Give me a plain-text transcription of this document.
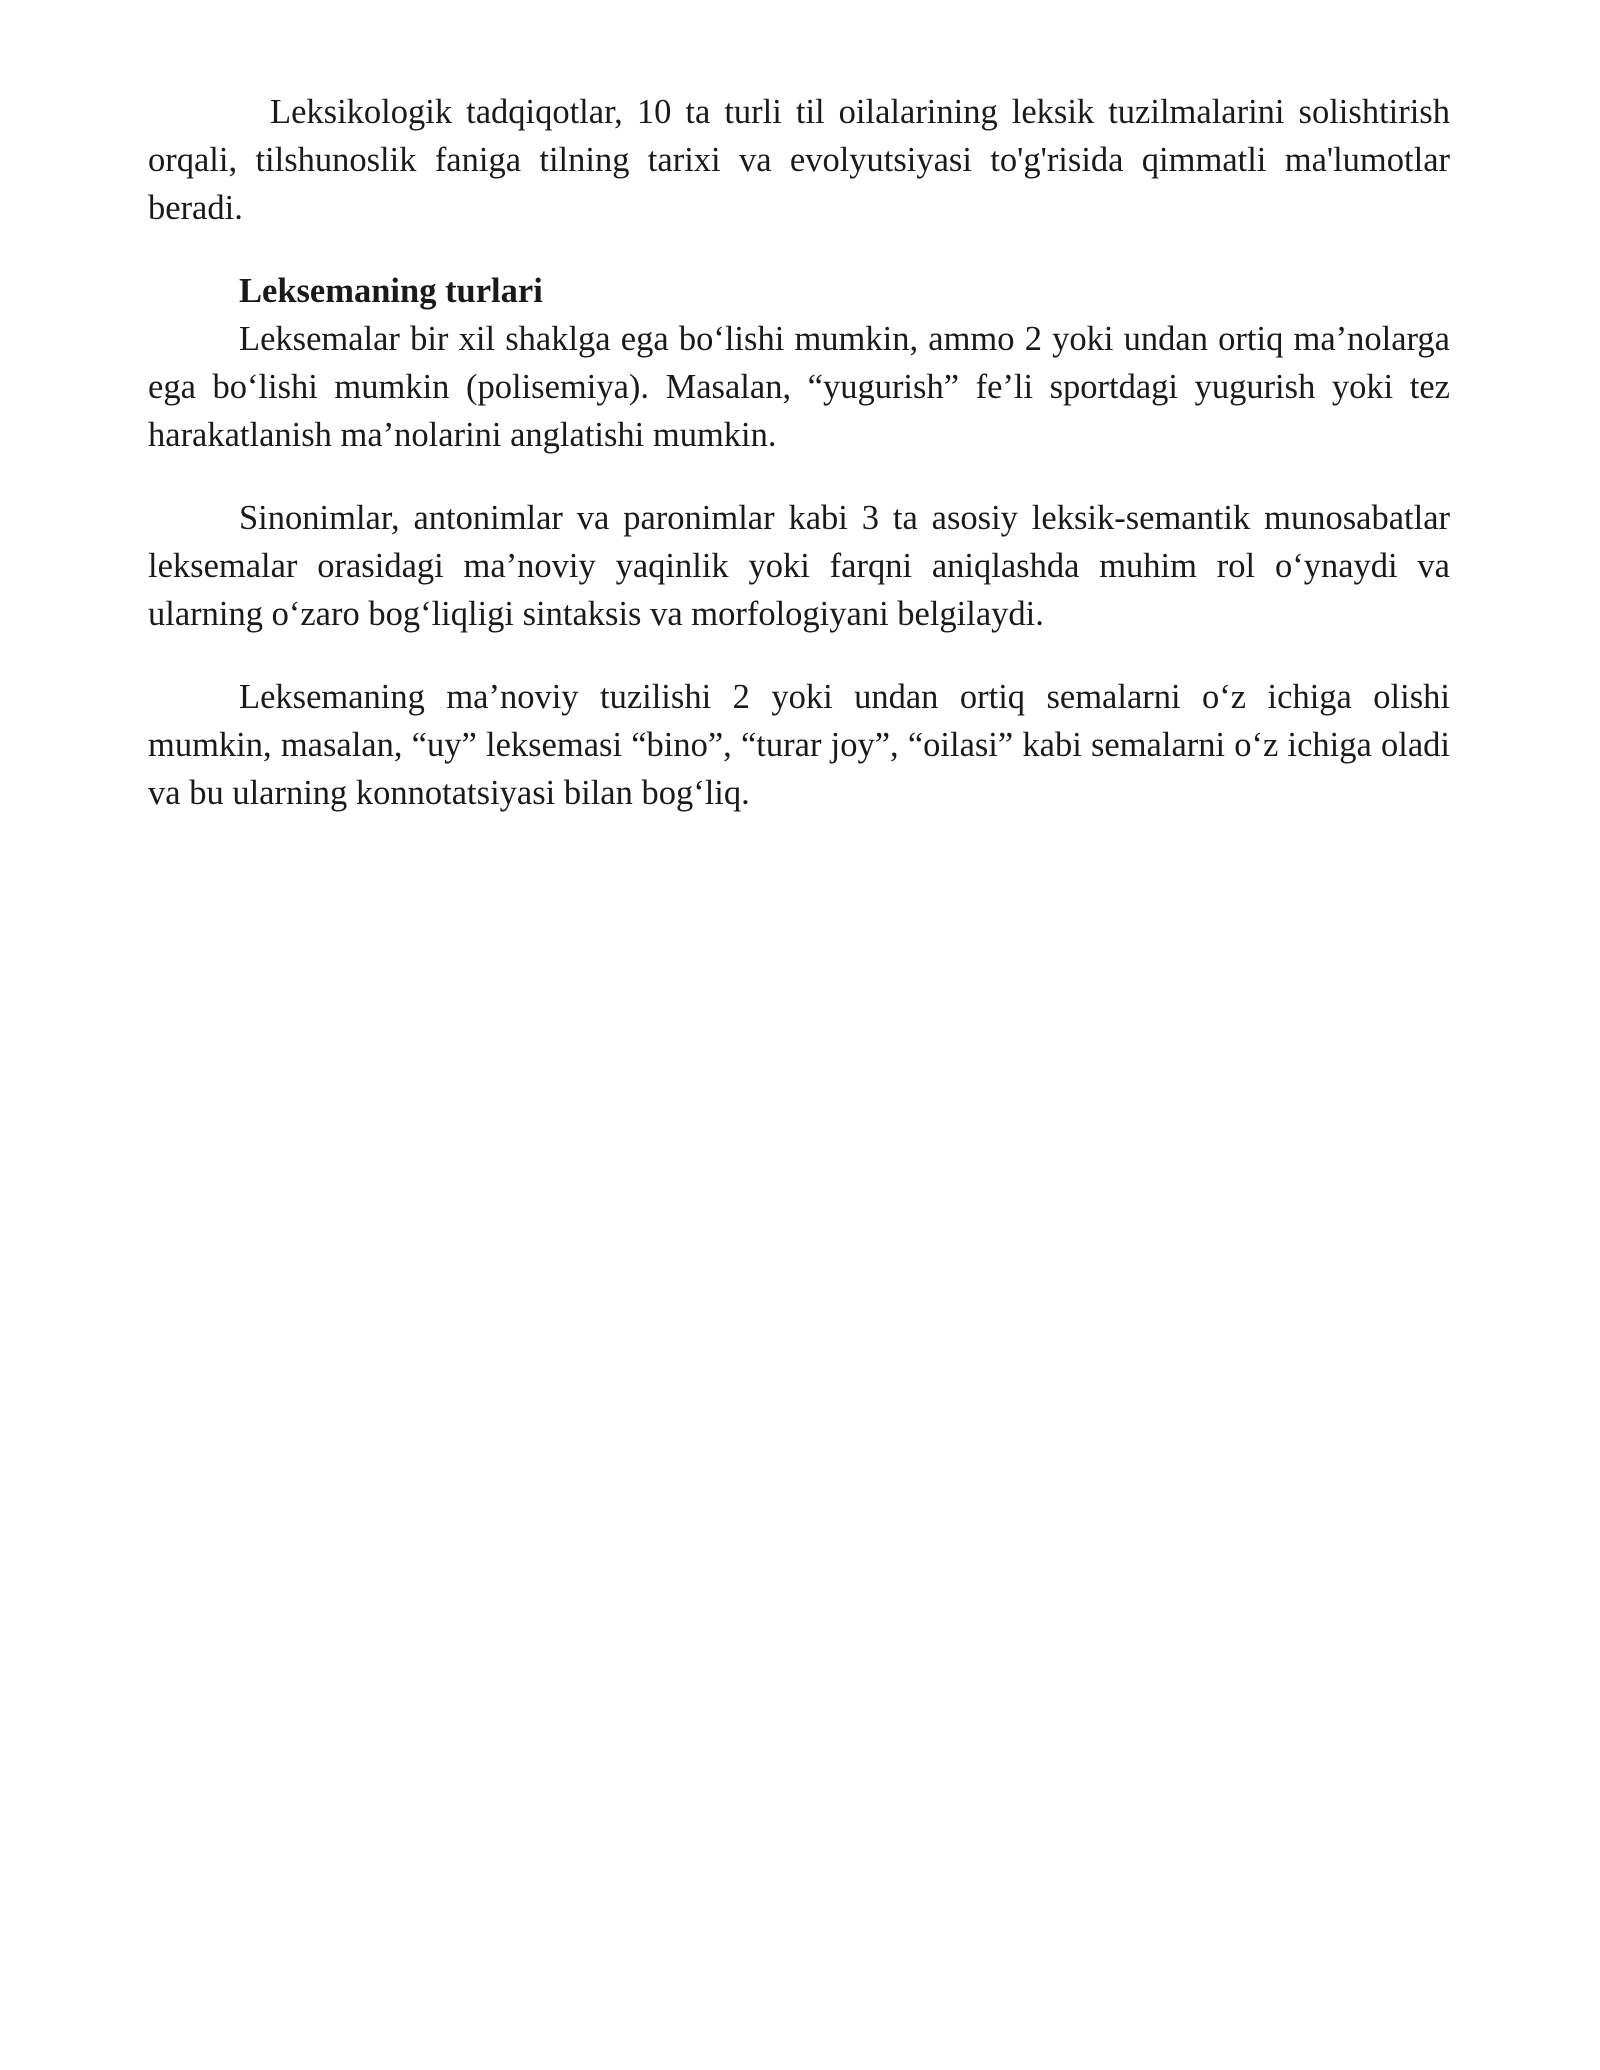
Leksikologik tadqiqotlar, 10 ta turli til oilalarining leksik tuzilmalarini solishtirish orqali, tilshunoslik faniga tilning tarixi va evolyutsiyasi to'g'risida qimmatli ma'lumotlar beradi.

Leksemaning turlari

Leksemalar bir xil shaklga ega bo‘lishi mumkin, ammo 2 yoki undan ortiq ma’nolarga ega bo‘lishi mumkin (polisemiya). Masalan, “yugurish” fe’li sportdagi yugurish yoki tez harakatlanish ma’nolarini anglatishi mumkin.

Sinonimlar, antonimlar va paronimlar kabi 3 ta asosiy leksik-semantik munosabatlar leksemalar orasidagi ma’noviy yaqinlik yoki farqni aniqlashda muhim rol o‘ynaydi va ularning o‘zaro bog‘liqligi sintaksis va morfologiyani belgilaydi.

Leksemaning ma’noviy tuzilishi 2 yoki undan ortiq semalarni o‘z ichiga olishi mumkin, masalan, “uy” leksemasi “bino”, “turar joy”, “oilasi” kabi semalarni o‘z ichiga oladi va bu ularning konnotatsiyasi bilan bog‘liq.
